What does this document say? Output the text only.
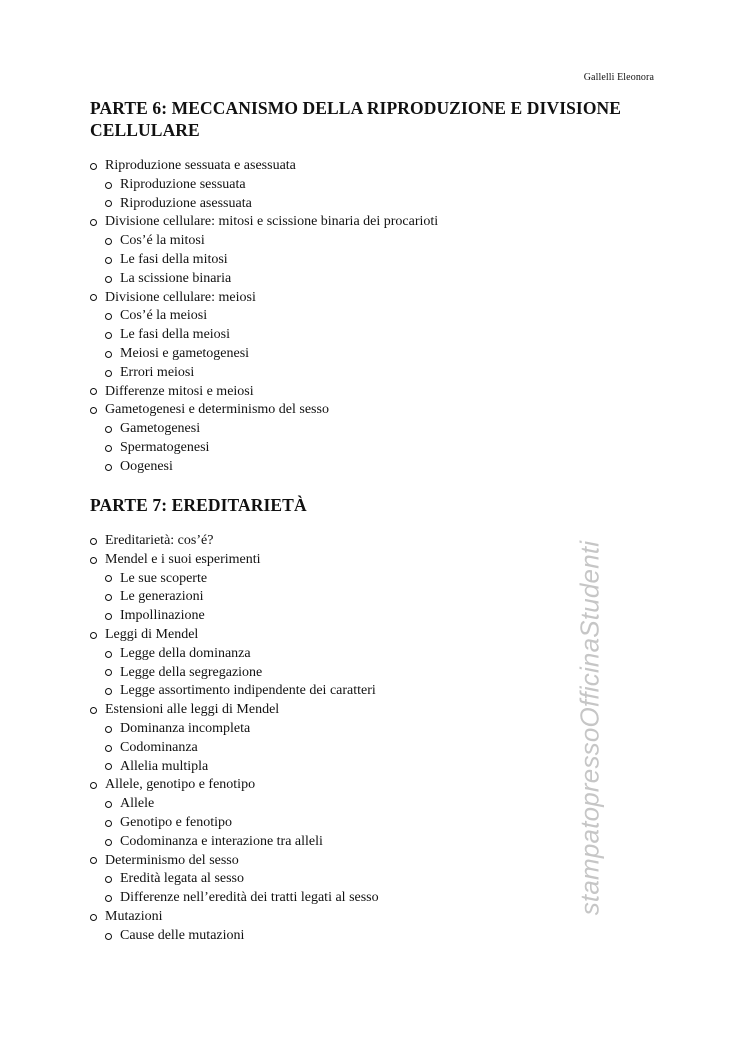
Gallelli Eleonora
PARTE 6: MECCANISMO DELLA RIPRODUZIONE E DIVISIONE CELLULARE
Riproduzione sessuata e asessuata
Riproduzione sessuata
Riproduzione asessuata
Divisione cellulare: mitosi e scissione binaria dei procarioti
Cos’é la mitosi
Le fasi della mitosi
La scissione binaria
Divisione cellulare: meiosi
Cos’é la meiosi
Le fasi della meiosi
Meiosi e gametogenesi
Errori meiosi
Differenze mitosi e meiosi
Gametogenesi e determinismo del sesso
Gametogenesi
Spermatogenesi
Oogenesi
PARTE 7: EREDITARIETÀ
Ereditarietà: cos’é?
Mendel e i suoi esperimenti
Le sue scoperte
Le generazioni
Impollinazione
Leggi di Mendel
Legge della dominanza
Legge della segregazione
Legge assortimento indipendente dei caratteri
Estensioni alle leggi di Mendel
Dominanza incompleta
Codominanza
Allelia multipla
Allele, genotipo e fenotipo
Allele
Genotipo e fenotipo
Codominanza e interazione tra alleli
Determinismo del sesso
Eredità legata al sesso
Differenze nell’eredità dei tratti legati al sesso
Mutazioni
Cause delle mutazioni
stampatopressoOfficinaStudenti
